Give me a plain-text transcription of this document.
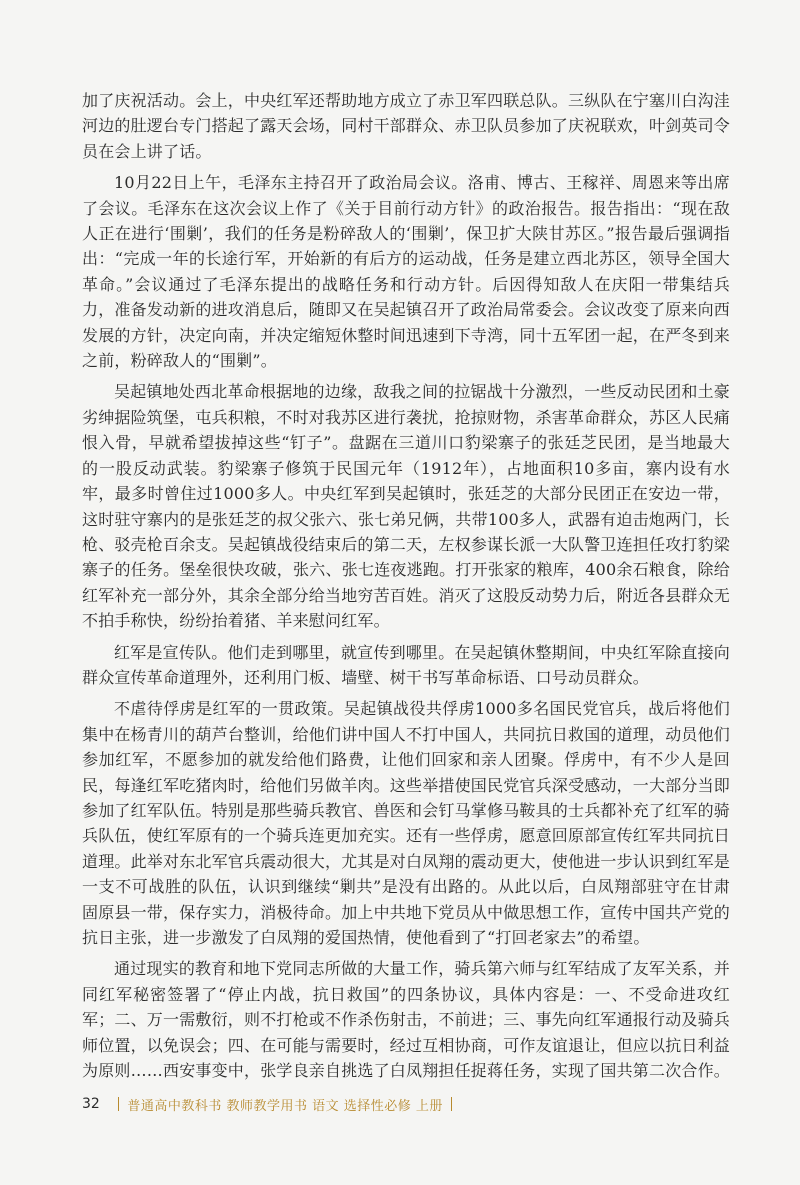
加了庆祝活动。会上，中央红军还帮助地方成立了赤卫军四联总队。三纵队在宁塞川白沟洼河边的肚逻台专门搭起了露天会场，同村干部群众、赤卫队员参加了庆祝联欢，叶剑英司令员在会上讲了话。

10月22日上午，毛泽东主持召开了政治局会议。洛甫、博古、王稼祥、周恩来等出席了会议。毛泽东在这次会议上作了《关于目前行动方针》的政治报告。报告指出：“现在敌人正在进行‘围剿’，我们的任务是粉碎敌人的‘围剿’，保卫扩大陕甘苏区。”报告最后强调指出：“完成一年的长途行军，开始新的有后方的运动战，任务是建立西北苏区，领导全国大革命。”会议通过了毛泽东提出的战略任务和行动方针。后因得知敌人在庆阳一带集结兵力，准备发动新的进攻消息后，随即又在吴起镇召开了政治局常委会。会议改变了原来向西发展的方针，决定向南，并决定缩短休整时间迅速到下寺湾，同十五军团一起，在严冬到来之前，粉碎敌人的“围剿”。

吴起镇地处西北革命根据地的边缘，敌我之间的拉锯战十分激烈，一些反动民团和土豪劣绅据险筑堡，屯兵积粮，不时对我苏区进行袭扰，抢掠财物，杀害革命群众，苏区人民痛恨入骨，早就希望拔掉这些“钉子”。盘踞在三道川口豹梁寨子的张廷芝民团，是当地最大的一股反动武装。豹梁寨子修筑于民国元年（1912年），占地面积10多亩，寨内设有水牢，最多时曾住过1000多人。中央红军到吴起镇时，张廷芝的大部分民团正在安边一带，这时驻守寨内的是张廷芝的叔父张六、张七弟兄俩，共带100多人，武器有迫击炮两门，长枪、驳壳枪百余支。吴起镇战役结束后的第二天，左权参谋长派一大队警卫连担任攻打豹梁寨子的任务。堡垒很快攻破，张六、张七连夜逃跑。打开张家的粮库，400余石粮食，除给红军补充一部分外，其余全部分给当地穷苦百姓。消灭了这股反动势力后，附近各县群众无不拍手称快，纷纷抬着猪、羊来慰问红军。

红军是宣传队。他们走到哪里，就宣传到哪里。在吴起镇休整期间，中央红军除直接向群众宣传革命道理外，还利用门板、墙壁、树干书写革命标语、口号动员群众。

不虐待俘虏是红军的一贯政策。吴起镇战役共俘虏1000多名国民党官兵，战后将他们集中在杨青川的葫芦台整训，给他们讲中国人不打中国人，共同抗日救国的道理，动员他们参加红军，不愿参加的就发给他们路费，让他们回家和亲人团聚。俘虏中，有不少人是回民，每逢红军吃猪肉时，给他们另做羊肉。这些举措使国民党官兵深受感动，一大部分当即参加了红军队伍。特别是那些骑兵教官、兽医和会钉马掌修马鞍具的士兵都补充了红军的骑兵队伍，使红军原有的一个骑兵连更加充实。还有一些俘虏，愿意回原部宣传红军共同抗日道理。此举对东北军官兵震动很大，尤其是对白凤翔的震动更大，使他进一步认识到红军是一支不可战胜的队伍，认识到继续“剿共”是没有出路的。从此以后，白凤翔部驻守在甘肃固原县一带，保存实力，消极待命。加上中共地下党员从中做思想工作，宣传中国共产党的抗日主张，进一步激发了白凤翔的爱国热情，使他看到了“打回老家去”的希望。

通过现实的教育和地下党同志所做的大量工作，骑兵第六师与红军结成了友军关系，并同红军秘密签署了“停止内战，抗日救国”的四条协议，具体内容是：一、不受命进攻红军；二、万一需敷衍，则不打枪或不作杀伤射击，不前进；三、事先向红军通报行动及骑兵师位置，以免误会；四、在可能与需要时，经过互相协商，可作友谊退让，但应以抗日利益为原则……西安事变中，张学良亲自挑选了白凤翔担任捉蒋任务，实现了国共第二次合作。

32 普通高中教科书 教师教学用书 语文 选择性必修 上册
